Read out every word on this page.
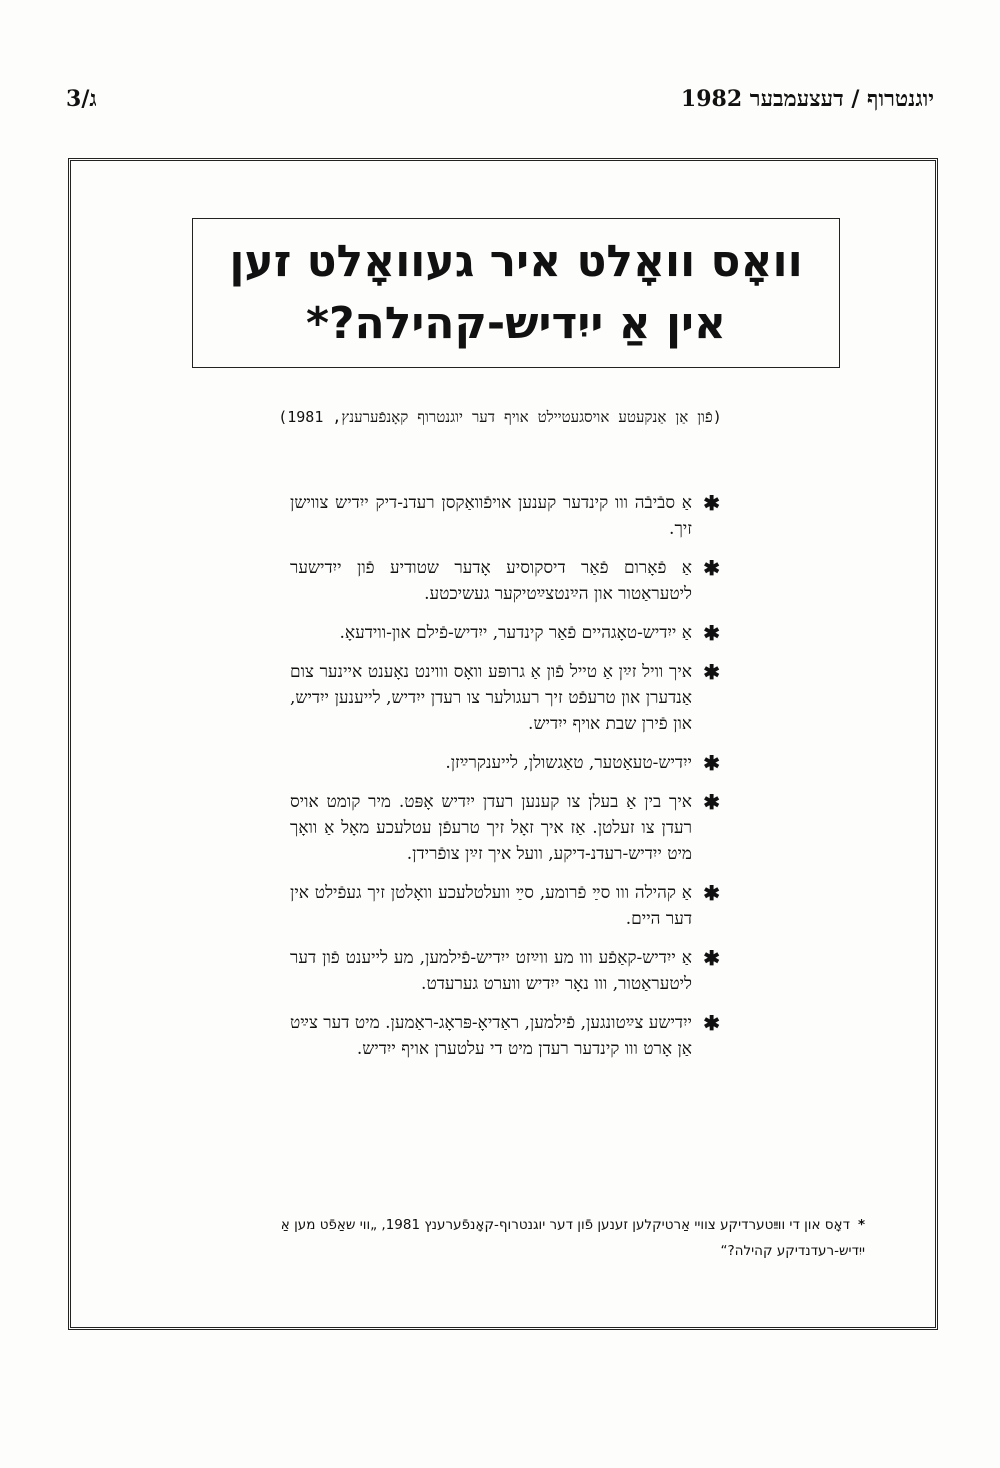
יוגנטרוף / דעצעמבער 1982
ג/3
וואָס וואָלט איר געוואָלט זען
אין אַ ייִדיש-קהילה?*
(פֿון אַן אַנקעטע אויסגעטיילט אויף דער יוגנטרוף קאָנפֿערענץ, 1981)
✱
אַ סבֿיבֿה ווו קינדער קענען אויפֿוואַקסן רעדנ-דיק ייִדיש צווישן זיך.
✱
אַ פֿאָרום פֿאַר דיסקוסיע אָדער שטודיע פֿון ייִדישער ליטעראַטור און הײַנטצײַטיקער געשיכטע.
✱
אַ ייִדיש-טאָגהיים פֿאַר קינדער, ייִדיש-פֿילם און-ווידעאָ.
✱
איך וויל זײַן אַ טייל פֿון אַ גרופּע וואָס וווינט נאָענט איינער צום אַנדערן און טרעפֿט זיך רעגולער צו רעדן ייִדיש, לייענען ייִדיש, און פֿירן שבת אויף ייִדיש.
✱
ייִדיש-טעאַטער, טאַגשולן, לייענקרײַזן.
✱
איך בין אַ בעלן צו קענען רעדן ייִדיש אָפּט. מיר קומט אויס רעדן צו זעלטן. אַז איך זאָל זיך טרעפֿן עטלעכע מאָל אַ וואָך מיט ייִדיש-רעדנ-דיקע, וועל איך זײַן צופֿרידן.
✱
אַ קהילה ווו סײַ פֿרומע, סײַ וועלטלעכע וואָלטן זיך געפֿילט אין דער היים.
✱
אַ ייִדיש-קאַפֿע ווו מע ווײַזט ייִדיש-פֿילמען, מע לייענט פֿון דער ליטעראַטור, ווו נאָר ייִדיש ווערט גערעדט.
✱
ייִדישע צײַטונגען, פֿילמען, ראַדיאָ-פּראָג-ראַמען. מיט דער צײַט אַן אָרט ווו קינדער רעדן מיט די עלטערן אויף ייִדיש.
*דאָס און די ווײַטערדיקע צוויי אַרטיקלען זענען פֿון דער יוגנטרוף-קאָנפֿערענץ 1981, „ווי שאַפֿט מען אַ ייִדיש-רעדנדיקע קהילה?“
